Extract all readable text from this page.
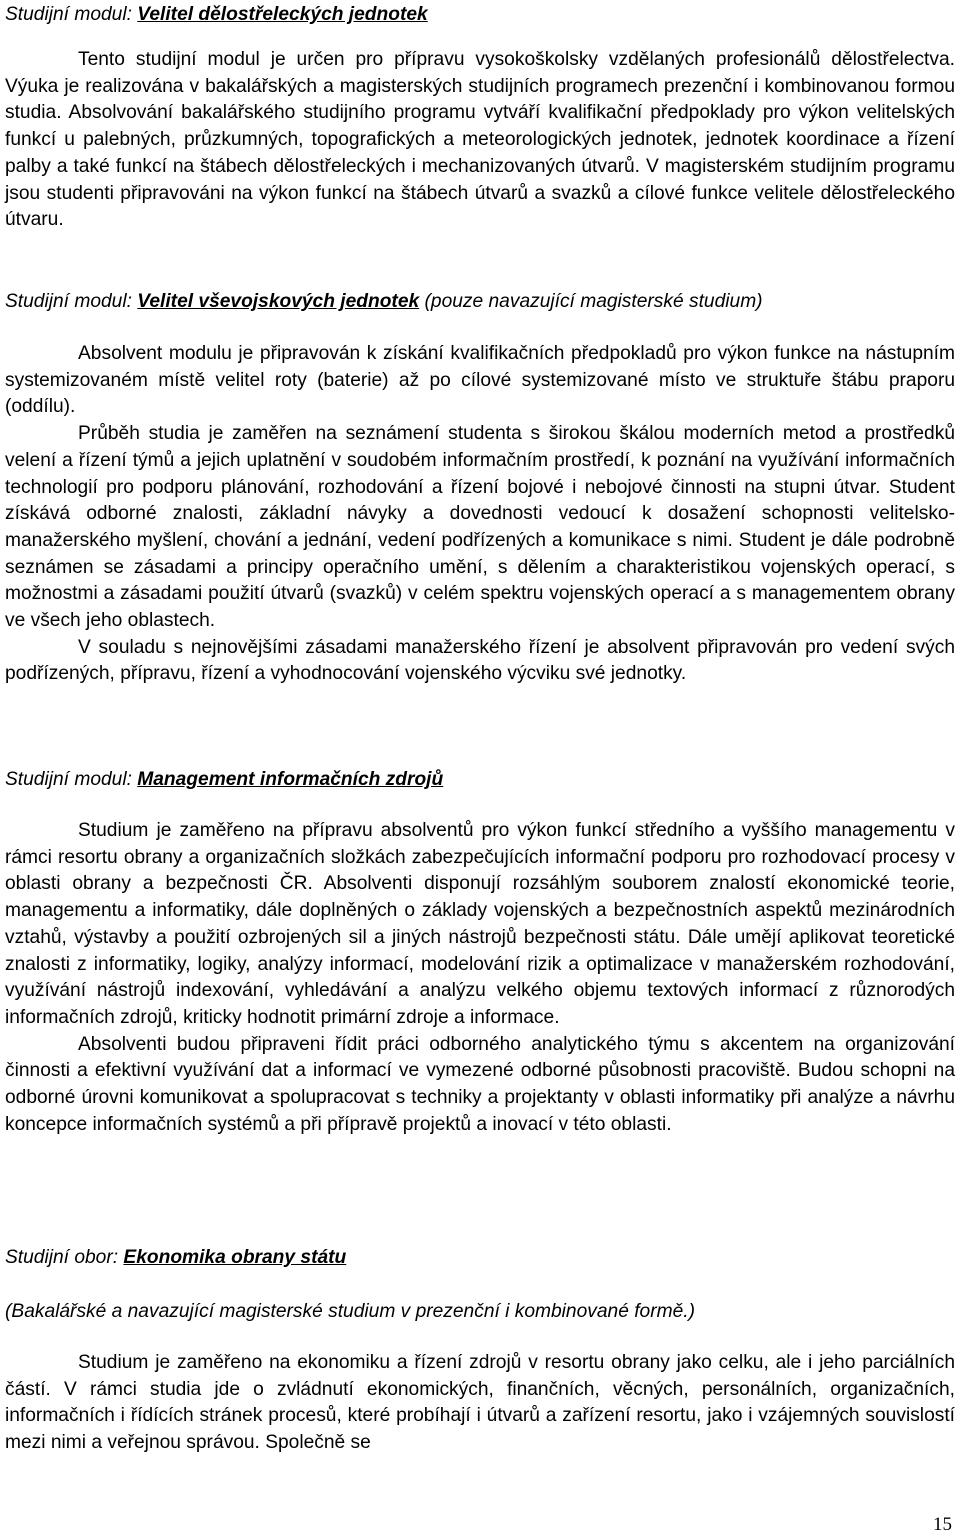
Studijní modul: Velitel dělostřeleckých jednotek

Tento studijní modul je určen pro přípravu vysokoškolsky vzdělaných profesionálů dělostřelectva. Výuka je realizována v bakalářských a magisterských studijních programech prezenční i kombinovanou formou studia. Absolvování bakalářského studijního programu vytváří kvalifikační předpoklady pro výkon velitelských funkcí u palebných, průzkumných, topografických a meteorologických jednotek, jednotek koordinace a řízení palby a také funkcí na štábech dělostřeleckých i mechanizovaných útvarů. V magisterském studijním programu jsou studenti připravováni na výkon funkcí na štábech útvarů a svazků a cílové funkce velitele dělostřeleckého útvaru.

Studijní modul: Velitel vševojskových jednotek (pouze navazující magisterské studium)

Absolvent modulu je připravován k získání kvalifikačních předpokladů pro výkon funkce na nástupním systemizovaném místě velitel roty (baterie) až po cílové systemizované místo ve struktuře štábu praporu (oddílu).

Průběh studia je zaměřen na seznámení studenta s širokou škálou moderních metod a prostředků velení a řízení týmů a jejich uplatnění v soudobém informačním prostředí, k poznání na využívání informačních technologií pro podporu plánování, rozhodování a řízení bojové i nebojové činnosti na stupni útvar. Student získává odborné znalosti, základní návyky a dovednosti vedoucí k dosažení schopnosti velitelsko-manažerského myšlení, chování a jednání, vedení podřízených a komunikace s nimi. Student je dále podrobně seznámen se zásadami a principy operačního umění, s dělením a charakteristikou vojenských operací, s možnostmi a zásadami použití útvarů (svazků) v celém spektru vojenských operací a s managementem obrany ve všech jeho oblastech.

V souladu s nejnovějšími zásadami manažerského řízení je absolvent připravován pro vedení svých podřízených, přípravu, řízení a vyhodnocování vojenského výcviku své jednotky.

Studijní modul: Management informačních zdrojů

Studium je zaměřeno na přípravu absolventů pro výkon funkcí středního a vyššího managementu v rámci resortu obrany a organizačních složkách zabezpečujících informační podporu pro rozhodovací procesy v oblasti obrany a bezpečnosti ČR. Absolventi disponují rozsáhlým souborem znalostí ekonomické teorie, managementu a informatiky, dále doplněných o základy vojenských a bezpečnostních aspektů mezinárodních vztahů, výstavby a použití ozbrojených sil a jiných nástrojů bezpečnosti státu. Dále umějí aplikovat teoretické znalosti z informatiky, logiky, analýzy informací, modelování rizik a optimalizace v manažerském rozhodování, využívání nástrojů indexování, vyhledávání a analýzu velkého objemu textových informací z různorodých informačních zdrojů, kriticky hodnotit primární zdroje a informace.

Absolventi budou připraveni řídit práci odborného analytického týmu s akcentem na organizování činnosti a efektivní využívání dat a informací ve vymezené odborné působnosti pracoviště. Budou schopni na odborné úrovni komunikovat a spolupracovat s techniky a projektanty v oblasti informatiky při analýze a návrhu koncepce informačních systémů a při přípravě projektů a inovací v této oblasti.

Studijní obor: Ekonomika obrany státu

(Bakalářské a navazující magisterské studium v prezenční i kombinované formě.)

Studium je zaměřeno na ekonomiku a řízení zdrojů v resortu obrany jako celku, ale i jeho parciálních částí. V rámci studia jde o zvládnutí ekonomických, finančních, věcných, personálních, organizačních, informačních i řídících stránek procesů, které probíhají i útvarů a zařízení resortu, jako i vzájemných souvislostí mezi nimi a veřejnou správou. Společně se

15
